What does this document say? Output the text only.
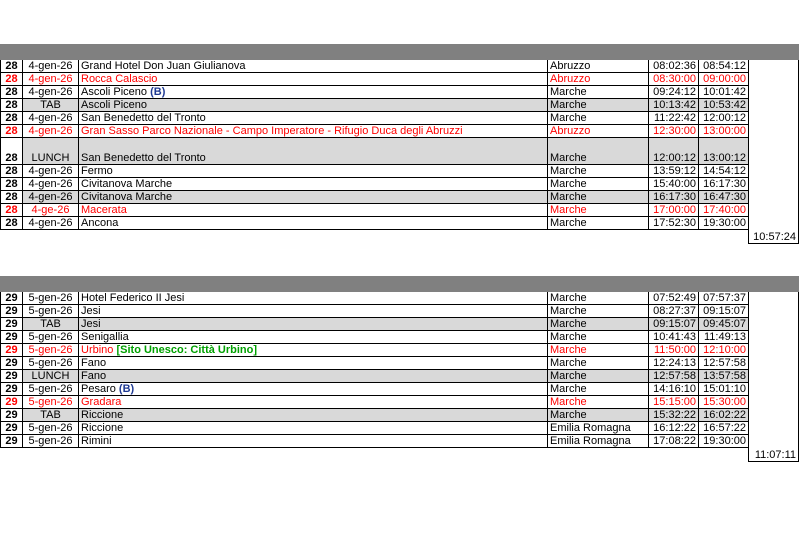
28	4-gen-26	Grand Hotel Don Juan Giulianova	Abruzzo	08:02:36	08:54:12	10:57:24
28	4-gen-26	Rocca Calascio	Abruzzo	08:30:00	09:00:00	
28	4-gen-26	Ascoli Piceno (B)	Marche	09:24:12	10:01:42	
28	TAB	Ascoli Piceno	Marche	10:13:42	10:53:42	
28	4-gen-26	San Benedetto del Tronto	Marche	11:22:42	12:00:12	
28	4-gen-26	Gran Sasso Parco Nazionale - Campo Imperatore - Rifugio Duca degli Abruzzi	Abruzzo	12:30:00	13:00:00	
28	LUNCH	San Benedetto del Tronto	Marche	12:00:12	13:00:12	
28	4-gen-26	Fermo	Marche	13:59:12	14:54:12	
28	4-gen-26	Civitanova Marche	Marche	15:40:00	16:17:30	
28	4-gen-26	Civitanova Marche	Marche	16:17:30	16:47:30	
28	4-ge-26	Macerata	Marche	17:00:00	17:40:00	
28	4-gen-26	Ancona	Marche	17:52:30	19:30:00	

29	5-gen-26	Hotel Federico II Jesi	Marche	07:52:49	07:57:37	11:07:11
29	5-gen-26	Jesi	Marche	08:27:37	09:15:07	
29	TAB	Jesi	Marche	09:15:07	09:45:07	
29	5-gen-26	Senigallia	Marche	10:41:43	11:49:13	
29	5-gen-26	Urbino [Sito Unesco: Città Urbino]	Marche	11:50:00	12:10:00	
29	5-gen-26	Fano	Marche	12:24:13	12:57:58	
29	LUNCH	Fano	Marche	12:57:58	13:57:58	
29	5-gen-26	Pesaro (B)	Marche	14:16:10	15:01:10	
29	5-gen-26	Gradara	Marche	15:15:00	15:30:00	
29	TAB	Riccione	Marche	15:32:22	16:02:22	
29	5-gen-26	Riccione	Emilia Romagna	16:12:22	16:57:22	
29	5-gen-26	Rimini	Emilia Romagna	17:08:22	19:30:00	
